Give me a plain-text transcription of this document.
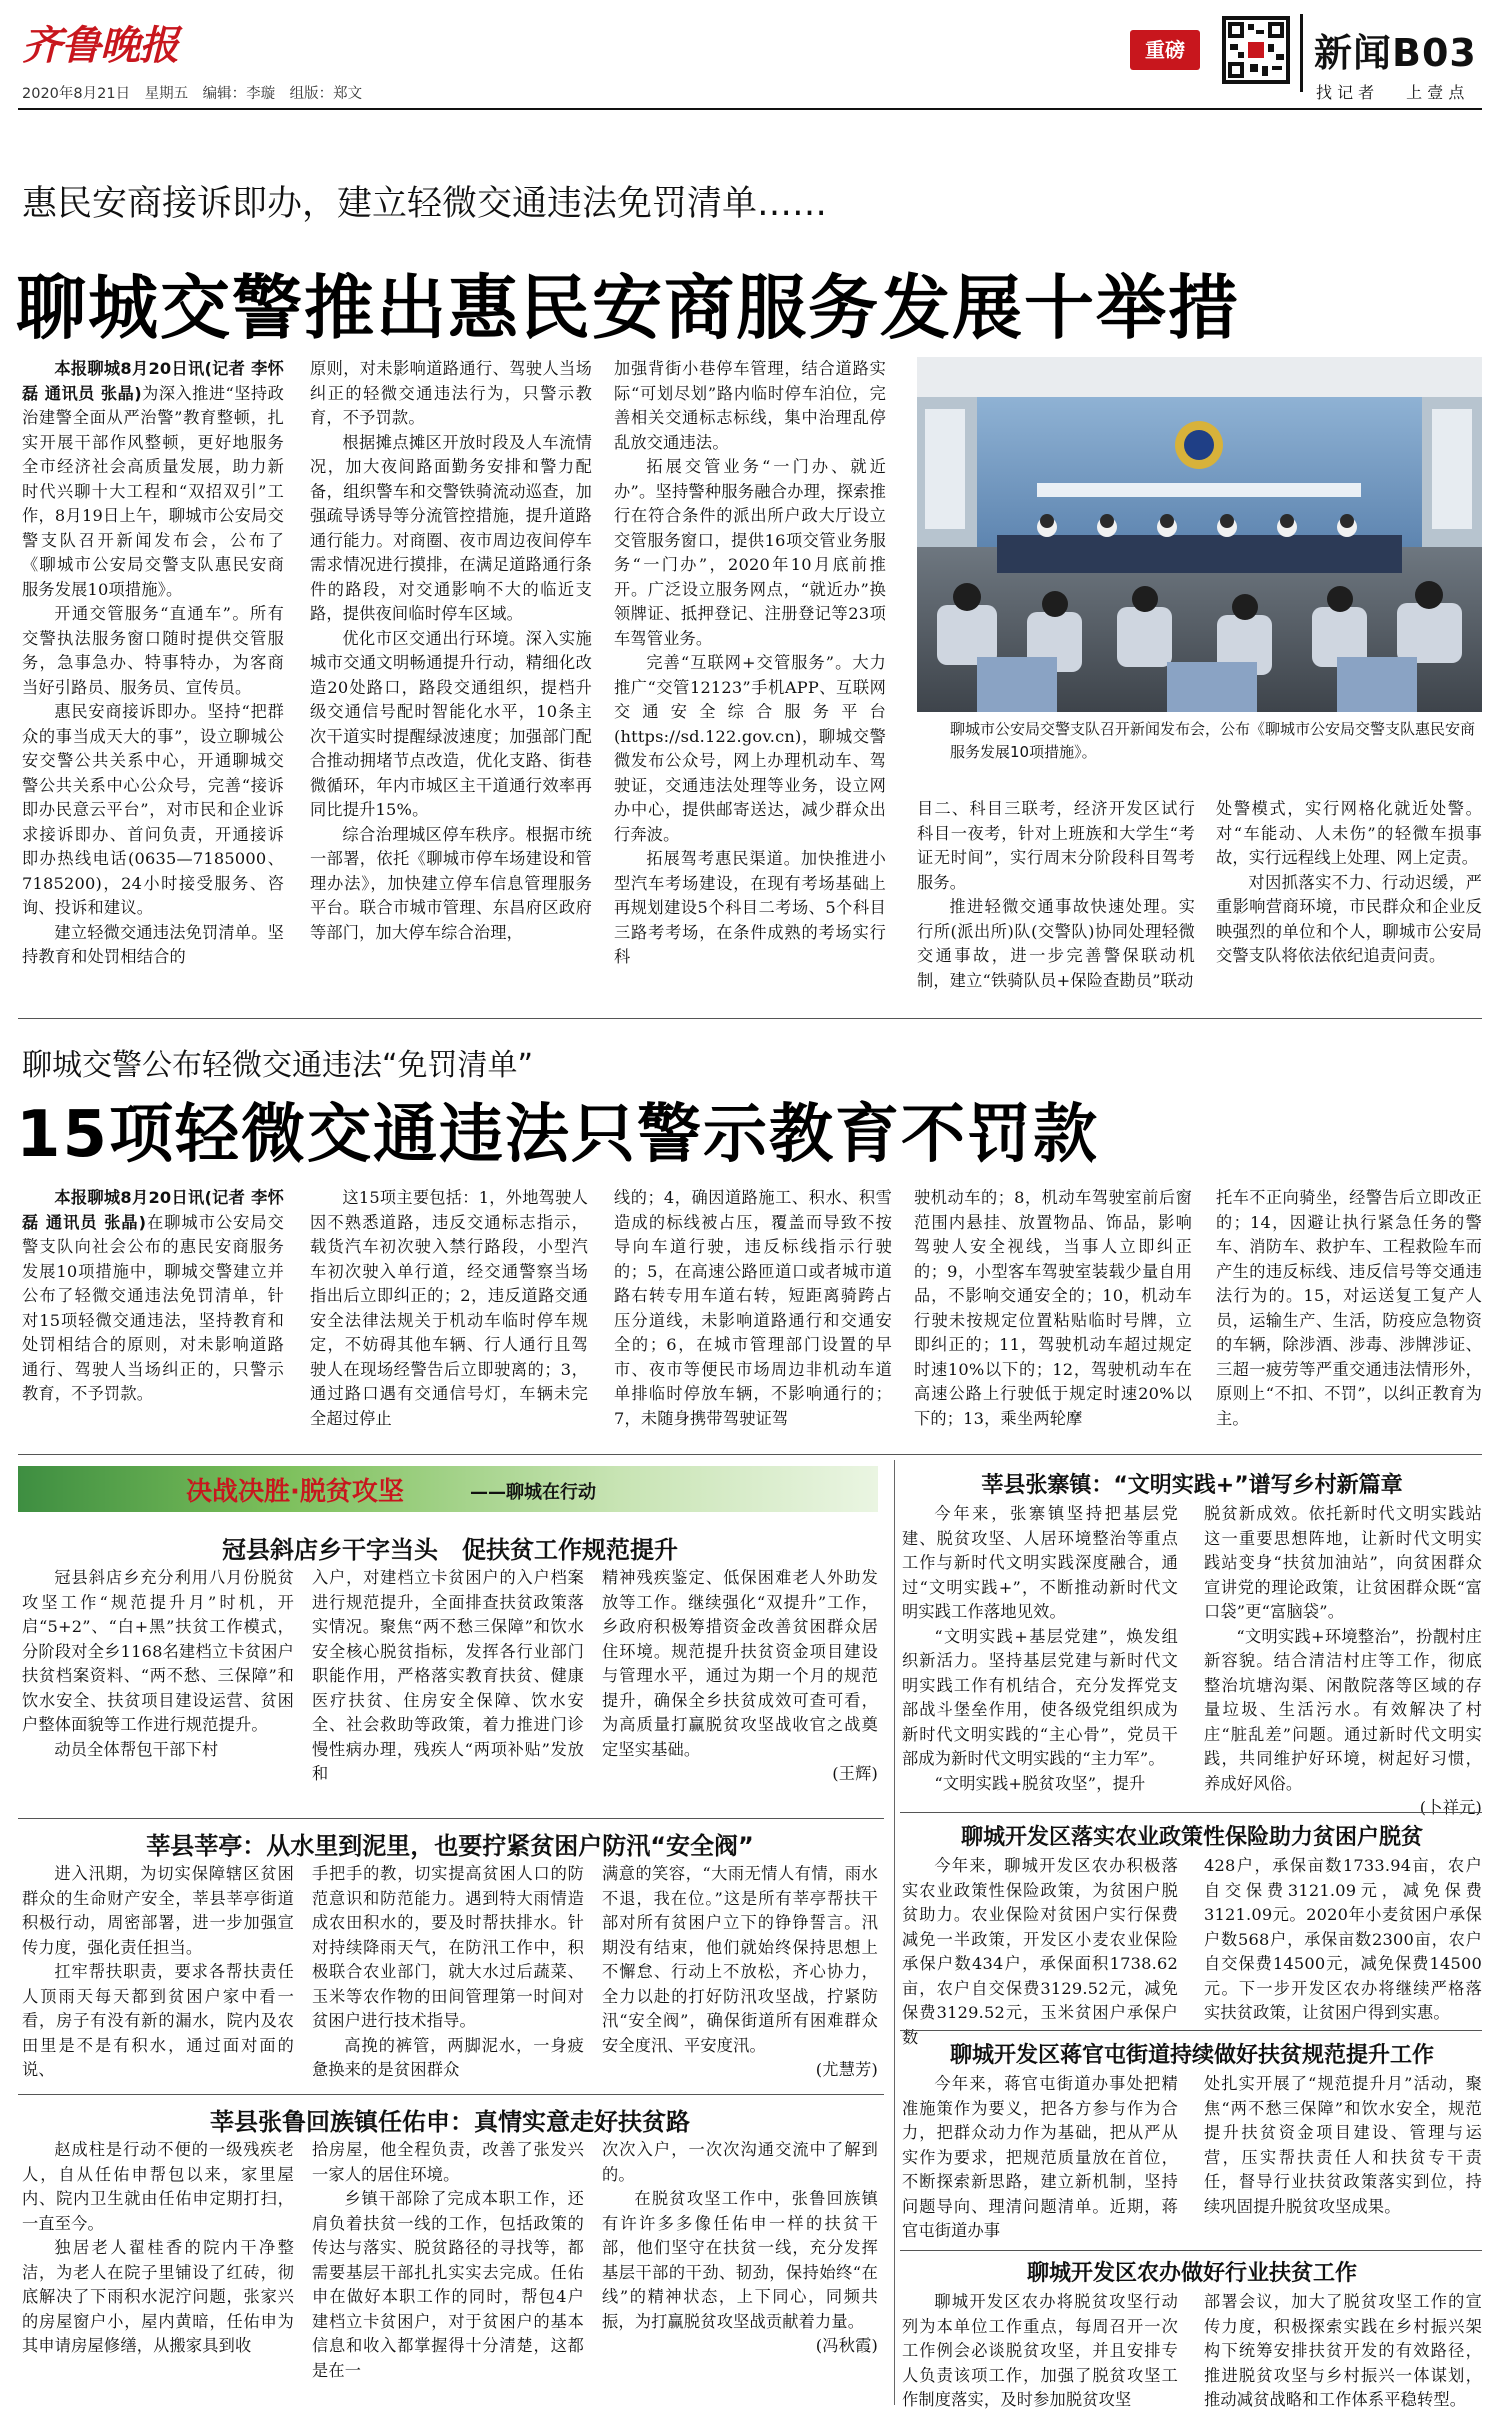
齐鲁晚报
2020年8月21日　星期五　编辑：李璇　组版：郑文
重磅	新闻B03
找 记 者　　上 壹 点
惠民安商接诉即办，建立轻微交通违法免罚清单……
聊城交警推出惠民安商服务发展十举措

本报聊城8月20日讯(记者 李怀磊 通讯员 张晶)为深入推进“坚持政治建警全面从严治警”教育整顿，扎实开展干部作风整顿，更好地服务全市经济社会高质量发展，助力新时代兴聊十大工程和“双招双引”工作，8月19日上午，聊城市公安局交警支队召开新闻发布会，公布了《聊城市公安局交警支队惠民安商服务发展10项措施》。

开通交管服务“直通车”。所有交警执法服务窗口随时提供交管服务，急事急办、特事特办，为客商当好引路员、服务员、宣传员。

惠民安商接诉即办。坚持“把群众的事当成天大的事”，设立聊城公安交警公共关系中心，开通聊城交警公共关系中心公众号，完善“接诉即办民意云平台”，对市民和企业诉求接诉即办、首问负责，开通接诉即办热线电话(0635—7185000、7185200)，24小时接受服务、咨询、投诉和建议。

建立轻微交通违法免罚清单。坚持教育和处罚相结合的

原则，对未影响道路通行、驾驶人当场纠正的轻微交通违法行为，只警示教育，不予罚款。

根据摊点摊区开放时段及人车流情况，加大夜间路面勤务安排和警力配备，组织警车和交警铁骑流动巡查，加强疏导诱导等分流管控措施，提升道路通行能力。对商圈、夜市周边夜间停车需求情况进行摸排，在满足道路通行条件的路段，对交通影响不大的临近支路，提供夜间临时停车区域。

优化市区交通出行环境。深入实施城市交通文明畅通提升行动，精细化改造20处路口，路段交通组织，提档升级交通信号配时智能化水平，10条主次干道实时提醒绿波速度；加强部门配合推动拥堵节点改造，优化支路、街巷微循环，年内市城区主干道通行效率再同比提升15%。

综合治理城区停车秩序。根据市统一部署，依托《聊城市停车场建设和管理办法》，加快建立停车信息管理服务平台。联合市城市管理、东昌府区政府等部门，加大停车综合治理，

加强背街小巷停车管理，结合道路实际“可划尽划”路内临时停车泊位，完善相关交通标志标线，集中治理乱停乱放交通违法。

拓展交管业务“一门办、就近办”。坚持警种服务融合办理，探索推行在符合条件的派出所户政大厅设立交管服务窗口，提供16项交管业务服务“一门办”，2020年10月底前推开。广泛设立服务网点，“就近办”换领牌证、抵押登记、注册登记等23项车驾管业务。

完善“互联网+交管服务”。大力推广“交管12123”手机APP、互联网交通安全综合服务平台(https://sd.122.gov.cn)，聊城交警微发布公众号，网上办理机动车、驾驶证，交通违法处理等业务，设立网办中心，提供邮寄送达，减少群众出行奔波。

拓展驾考惠民渠道。加快推进小型汽车考场建设，在现有考场基础上再规划建设5个科目二考场、5个科目三路考考场，在条件成熟的考场实行科

聊城市公安局交警支队召开新闻发布会，公布《聊城市公安局交警支队惠民安商服务发展10项措施》。

目二、科目三联考，经济开发区试行科目一夜考，针对上班族和大学生“考证无时间”，实行周末分阶段科目驾考服务。

推进轻微交通事故快速处理。实行所(派出所)队(交警队)协同处理轻微交通事故，进一步完善警保联动机制，建立“铁骑队员+保险查勘员”联动

处警模式，实行网格化就近处警。对“车能动、人未伤”的轻微车损事故，实行远程线上处理、网上定责。

对因抓落实不力、行动迟缓，严重影响营商环境，市民群众和企业反映强烈的单位和个人，聊城市公安局交警支队将依法依纪追责问责。

聊城交警公布轻微交通违法“免罚清单”
15项轻微交通违法只警示教育不罚款

本报聊城8月20日讯(记者 李怀磊 通讯员 张晶)在聊城市公安局交警支队向社会公布的惠民安商服务发展10项措施中，聊城交警建立并公布了轻微交通违法免罚清单，针对15项轻微交通违法，坚持教育和处罚相结合的原则，对未影响道路通行、驾驶人当场纠正的，只警示教育，不予罚款。

这15项主要包括：1，外地驾驶人因不熟悉道路，违反交通标志指示，载货汽车初次驶入禁行路段，小型汽车初次驶入单行道，经交通警察当场指出后立即纠正的；2，违反道路交通安全法律法规关于机动车临时停车规定，不妨碍其他车辆、行人通行且驾驶人在现场经警告后立即驶离的；3，通过路口遇有交通信号灯，车辆未完全超过停止

线的；4，确因道路施工、积水、积雪造成的标线被占压，覆盖而导致不按导向车道行驶，违反标线指示行驶的；5，在高速公路匝道口或者城市道路右转专用车道右转，短距离骑跨占压分道线，未影响道路通行和交通安全的；6，在城市管理部门设置的早市、夜市等便民市场周边非机动车道单排临时停放车辆，不影响通行的；7，未随身携带驾驶证驾

驶机动车的；8，机动车驾驶室前后窗范围内悬挂、放置物品、饰品，影响驾驶人安全视线，当事人立即纠正的；9，小型客车驾驶室装载少量自用品，不影响交通安全的；10，机动车行驶未按规定位置粘贴临时号牌，立即纠正的；11，驾驶机动车超过规定时速10%以下的；12，驾驶机动车在高速公路上行驶低于规定时速20%以下的；13，乘坐两轮摩

托车不正向骑坐，经警告后立即改正的；14，因避让执行紧急任务的警车、消防车、救护车、工程救险车而产生的违反标线、违反信号等交通违法行为的。15，对运送复工复产人员，运输生产、生活，防疫应急物资的车辆，除涉酒、涉毒、涉牌涉证、三超一疲劳等严重交通违法情形外，原则上“不扣、不罚”，以纠正教育为主。

决战决胜·脱贫攻坚	——聊城在行动
冠县斜店乡干字当头　促扶贫工作规范提升

冠县斜店乡充分利用八月份脱贫攻坚工作“规范提升月”时机，开启“5+2”、“白+黑”扶贫工作模式，分阶段对全乡1168名建档立卡贫困户扶贫档案资料、“两不愁、三保障”和饮水安全、扶贫项目建设运营、贫困户整体面貌等工作进行规范提升。

动员全体帮包干部下村

入户，对建档立卡贫困户的入户档案进行规范提升，全面排查扶贫政策落实情况。聚焦“两不愁三保障”和饮水安全核心脱贫指标，发挥各行业部门职能作用，严格落实教育扶贫、健康医疗扶贫、住房安全保障、饮水安全、社会救助等政策，着力推进门诊慢性病办理，残疾人“两项补贴”发放和

精神残疾鉴定、低保困难老人外助发放等工作。继续强化“双提升”工作，乡政府积极筹措资金改善贫困群众居住环境。规范提升扶贫资金项目建设与管理水平，通过为期一个月的规范提升，确保全乡扶贫成效可查可看，为高质量打赢脱贫攻坚战收官之战奠定坚实基础。

(王辉)

莘县莘亭：从水里到泥里，也要拧紧贫困户防汛“安全阀”

进入汛期，为切实保障辖区贫困群众的生命财产安全，莘县莘亭街道积极行动，周密部署，进一步加强宣传力度，强化责任担当。

扛牢帮扶职责，要求各帮扶责任人顶雨天每天都到贫困户家中看一看，房子有没有新的漏水，院内及农田里是不是有积水，通过面对面的说、

手把手的教，切实提高贫困人口的防范意识和防范能力。遇到特大雨情造成农田积水的，要及时帮扶排水。针对持续降雨天气，在防汛工作中，积极联合农业部门，就大水过后蔬菜、玉米等农作物的田间管理第一时间对贫困户进行技术指导。

高挽的裤管，两脚泥水，一身疲惫换来的是贫困群众

满意的笑容，“大雨无情人有情，雨水不退，我在位。”这是所有莘亭帮扶干部对所有贫困户立下的铮铮誓言。汛期没有结束，他们就始终保持思想上不懈怠、行动上不放松，齐心协力，全力以赴的打好防汛攻坚战，拧紧防汛“安全阀”，确保街道所有困难群众安全度汛、平安度汛。

(尤慧芳)

莘县张鲁回族镇任佑申：真情实意走好扶贫路

赵成柱是行动不便的一级残疾老人，自从任佑申帮包以来，家里屋内、院内卫生就由任佑申定期打扫，一直至今。

独居老人翟桂香的院内干净整洁，为老人在院子里铺设了红砖，彻底解决了下雨积水泥泞问题，张家兴的房屋窗户小，屋内黄暗，任佑申为其申请房屋修缮，从搬家具到收

拾房屋，他全程负责，改善了张发兴一家人的居住环境。

乡镇干部除了完成本职工作，还肩负着扶贫一线的工作，包括政策的传达与落实、脱贫路径的寻找等，都需要基层干部扎扎实实去完成。任佑申在做好本职工作的同时，帮包4户建档立卡贫困户，对于贫困户的基本信息和收入都掌握得十分清楚，这都是在一

次次入户，一次次沟通交流中了解到的。

在脱贫攻坚工作中，张鲁回族镇有许许多多像任佑申一样的扶贫干部，他们坚守在扶贫一线，充分发挥基层干部的干劲、韧劲，保持始终“在线”的精神状态，上下同心，同频共振，为打赢脱贫攻坚战贡献着力量。

(冯秋霞)

莘县张寨镇：“文明实践+”谱写乡村新篇章

今年来，张寨镇坚持把基层党建、脱贫攻坚、人居环境整治等重点工作与新时代文明实践深度融合，通过“文明实践+”，不断推动新时代文明实践工作落地见效。

“文明实践+基层党建”，焕发组织新活力。坚持基层党建与新时代文明实践工作有机结合，充分发挥党支部战斗堡垒作用，使各级党组织成为新时代文明实践的“主心骨”，党员干部成为新时代文明实践的“主力军”。

“文明实践+脱贫攻坚”，提升

脱贫新成效。依托新时代文明实践站这一重要思想阵地，让新时代文明实践站变身“扶贫加油站”，向贫困群众宣讲党的理论政策，让贫困群众既“富口袋”更“富脑袋”。

“文明实践+环境整治”，扮靓村庄新容貌。结合清洁村庄等工作，彻底整治坑塘沟渠、闲散院落等区域的存量垃圾、生活污水。有效解决了村庄“脏乱差”问题。通过新时代文明实践，共同维护好环境，树起好习惯，养成好风俗。

(卜祥元)

聊城开发区落实农业政策性保险助力贫困户脱贫

今年来，聊城开发区农办积极落实农业政策性保险政策，为贫困户脱贫助力。农业保险对贫困户实行保费减免一半政策，开发区小麦农业保险承保户数434户，承保面积1738.62亩，农户自交保费3129.52元，减免保费3129.52元，玉米贫困户承保户数

428户，承保亩数1733.94亩，农户自交保费3121.09元，减免保费3121.09元。2020年小麦贫困户承保户数568户，承保亩数2300亩，农户自交保费14500元，减免保费14500元。下一步开发区农办将继续严格落实扶贫政策，让贫困户得到实惠。

聊城开发区蒋官屯街道持续做好扶贫规范提升工作

今年来，蒋官屯街道办事处把精准施策作为要义，把各方参与作为合力，把群众动力作为基础，把从严从实作为要求，把规范质量放在首位，不断探索新思路，建立新机制，坚持问题导向、理清问题清单。近期，蒋官屯街道办事

处扎实开展了“规范提升月”活动，聚焦“两不愁三保障”和饮水安全，规范提升扶贫资金项目建设、管理与运营，压实帮扶责任人和扶贫专干责任，督导行业扶贫政策落实到位，持续巩固提升脱贫攻坚成果。

聊城开发区农办做好行业扶贫工作

聊城开发区农办将脱贫攻坚行动列为本单位工作重点，每周召开一次工作例会必谈脱贫攻坚，并且安排专人负责该项工作，加强了脱贫攻坚工作制度落实，及时参加脱贫攻坚

部署会议，加大了脱贫攻坚工作的宣传力度，积极探索实践在乡村振兴架构下统筹安排扶贫开发的有效路径，推进脱贫攻坚与乡村振兴一体谋划，推动减贫战略和工作体系平稳转型。
